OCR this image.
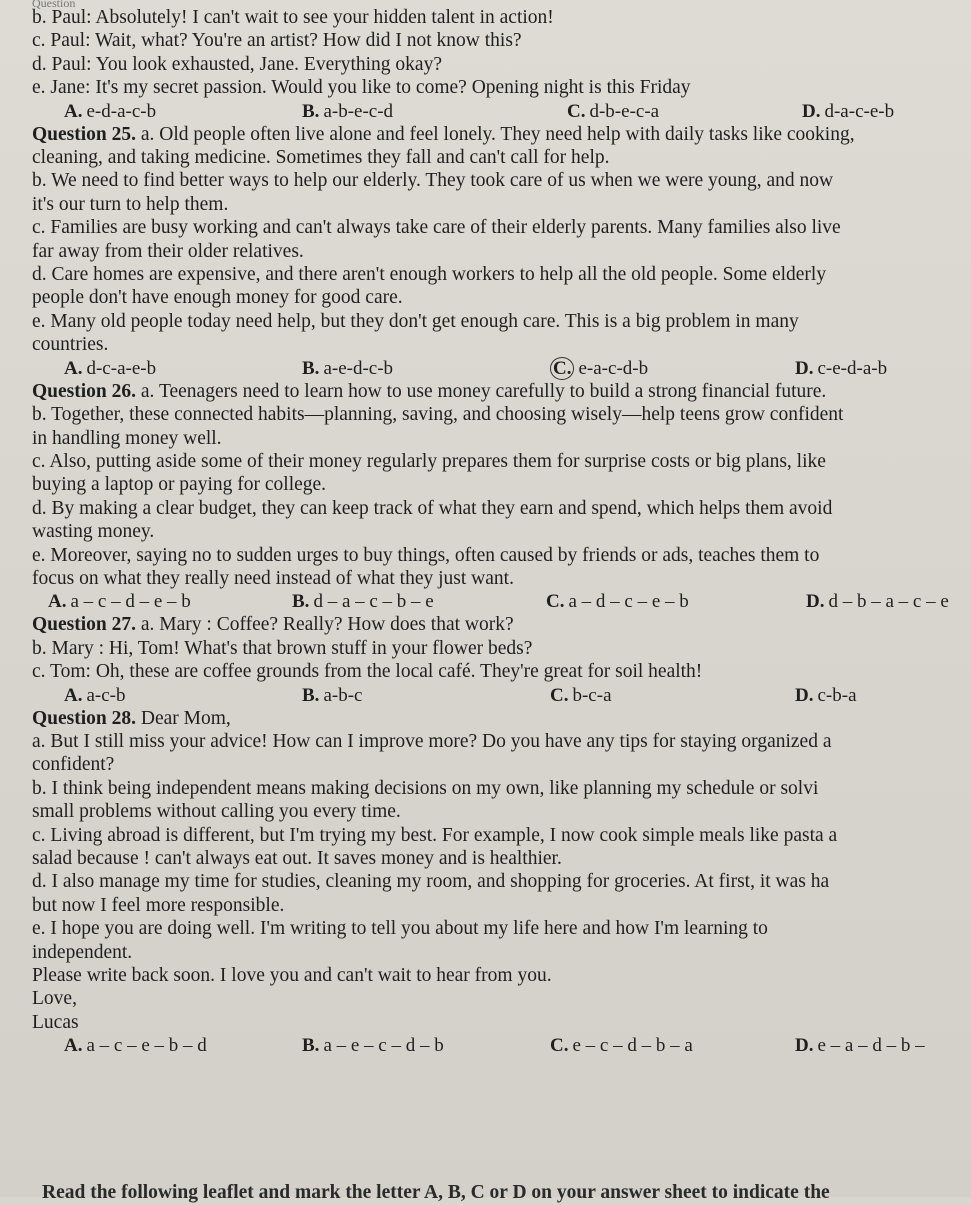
Question
b. Paul: Absolutely! I can't wait to see your hidden talent in action!
c. Paul: Wait, what? You're an artist? How did I not know this?
d. Paul: You look exhausted, Jane. Everything okay?
e. Jane: It's my secret passion. Would you like to come? Opening night is this Friday
A. e-d-a-c-b	B. a-b-e-c-d	C. d-b-e-c-a	D. d-a-c-e-b
Question 25. a. Old people often live alone and feel lonely. They need help with daily tasks like cooking,
cleaning, and taking medicine. Sometimes they fall and can't call for help.
b. We need to find better ways to help our elderly. They took care of us when we were young, and now
it's our turn to help them.
c. Families are busy working and can't always take care of their elderly parents. Many families also live
far away from their older relatives.
d. Care homes are expensive, and there aren't enough workers to help all the old people. Some elderly
people don't have enough money for good care.
e. Many old people today need help, but they don't get enough care. This is a big problem in many
countries.
A. d-c-a-e-b	B. a-e-d-c-b	C. e-a-c-d-b	D. c-e-d-a-b
Question 26. a. Teenagers need to learn how to use money carefully to build a strong financial future.
b. Together, these connected habits—planning, saving, and choosing wisely—help teens grow confident
in handling money well.
c. Also, putting aside some of their money regularly prepares them for surprise costs or big plans, like
buying a laptop or paying for college.
d. By making a clear budget, they can keep track of what they earn and spend, which helps them avoid
wasting money.
e. Moreover, saying no to sudden urges to buy things, often caused by friends or ads, teaches them to
focus on what they really need instead of what they just want.
A. a – c – d – e – b	B. d – a – c – b – e	C. a – d – c – e – b	D. d – b – a – c – e
Question 27. a. Mary : Coffee? Really? How does that work?
b. Mary : Hi, Tom! What's that brown stuff in your flower beds?
c. Tom: Oh, these are coffee grounds from the local café. They're great for soil health!
A. a-c-b	B. a-b-c	C. b-c-a	D. c-b-a
Question 28. Dear Mom,
a. But I still miss your advice! How can I improve more? Do you have any tips for staying organized a
confident?
b. I think being independent means making decisions on my own, like planning my schedule or solvi
small problems without calling you every time.
c. Living abroad is different, but I'm trying my best. For example, I now cook simple meals like pasta a
salad because ! can't always eat out. It saves money and is healthier.
d. I also manage my time for studies, cleaning my room, and shopping for groceries. At first, it was ha
but now I feel more responsible.
e. I hope you are doing well. I'm writing to tell you about my life here and how I'm learning to
independent.
Please write back soon. I love you and can't wait to hear from you.
Love,
Lucas
A. a – c – e – b – d	B. a – e – c – d – b	C. e – c – d – b – a	D. e – a – d – b –
Read the following leaflet and mark the letter A, B, C or D on your answer sheet to indicate the
